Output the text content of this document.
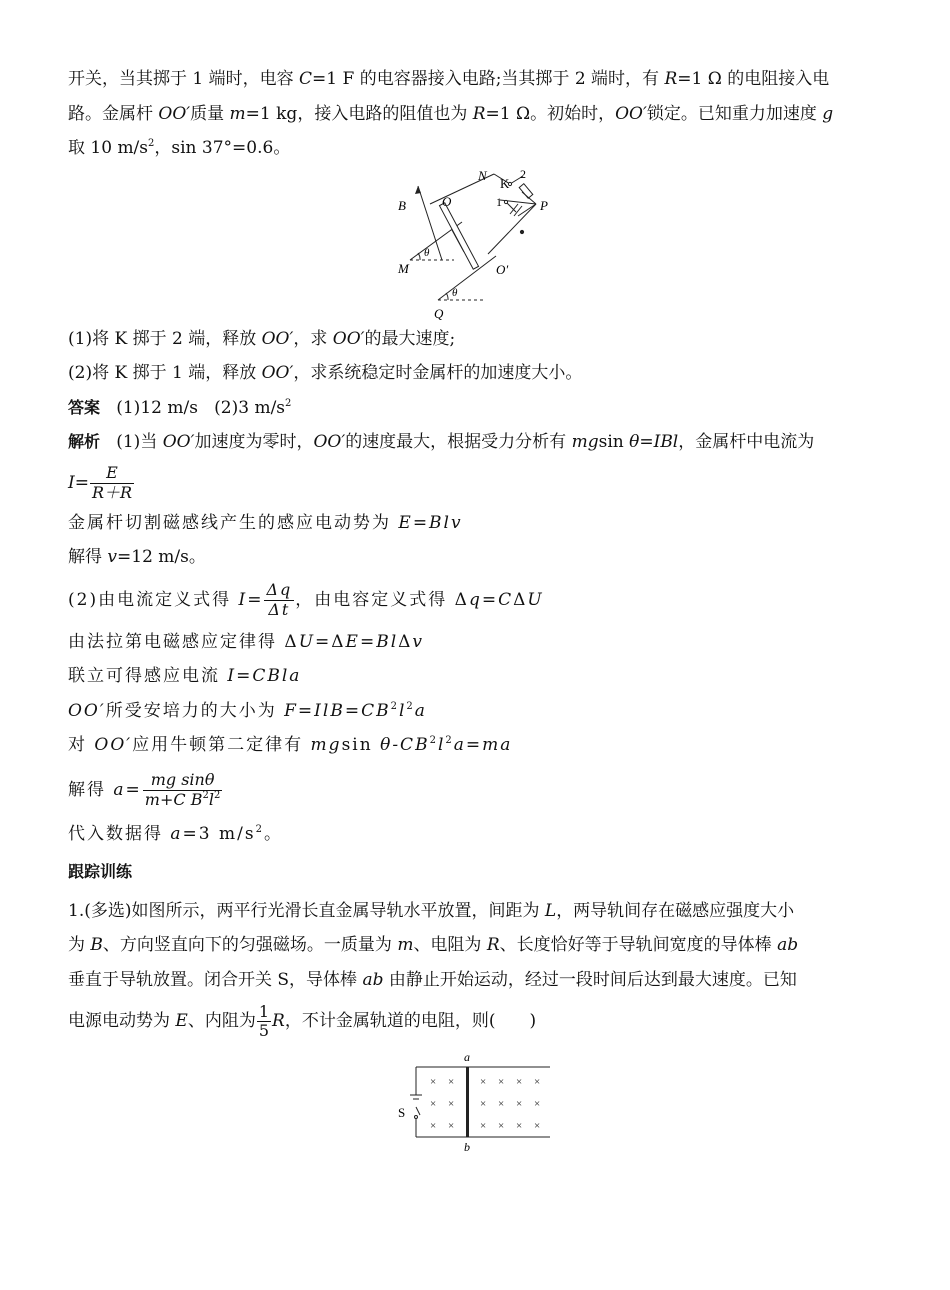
开关，当其掷于 1 端时，电容 C=1 F 的电容器接入电路;当其掷于 2 端时，有 R=1 Ω 的电阻接入电

路。金属杆 OO′质量 m=1 kg，接入电路的阻值也为 R=1 Ω。初始时，OO′锁定。已知重力加速度 g

取 10 $m/s^2$，sin 37°=0.6。

B	O
N
K
2
1	P
θ
M	O′
θ
Q

(1)将 K 掷于 2 端，释放 OO′，求 OO′的最大速度;

(2)将 K 掷于 1 端，释放 OO′，求系统稳定时金属杆的加速度大小。

答案 (1)12 m/s (2)3 $m/s^2$

解析 (1)当 OO′加速度为零时，OO′的速度最大，根据受力分析有 mgsin θ=IBl，金属杆中电流为

$I= \frac{E}{R+R}$

金属杆切割磁感线产生的感应电动势为 E=Blv

解得 v=12 m/s。

(2)由电流定义式得 $I= \frac{\Delta q}{\Delta t}$ ，由电容定义式得 Δq=CΔU

由法拉第电磁感应定律得 ΔU=ΔE=BlΔv

联立可得感应电流 I=CBla

OO′所受安培力的大小为 $F=IlB=CB^2l^2a$

对 OO′应用牛顿第二定律有 mgsin $\theta-CB^2l^2a=ma$

解得 $a= \frac{\text{mg sinθ}}{m+C B^2l^2}$

代入数据得 a=3 $m/s^2$。

跟踪训练

1.(多选)如图所示，两平行光滑长直金属导轨水平放置，间距为 L，两导轨间存在磁感应强度大小

为 B、方向竖直向下的匀强磁场。一质量为 m、电阻为 R、长度恰好等于导轨间宽度的导体棒 ab

垂直于导轨放置。闭合开关 S，导体棒 ab 由静止开始运动，经过一段时间后达到最大速度。已知

电源电动势为 E、内阻为 $\frac{1}{5}$ R，不计金属轨道的电阻，则(　　)

× × × × × ×
× × × × × ×
× × × × × ×
a
b
S
